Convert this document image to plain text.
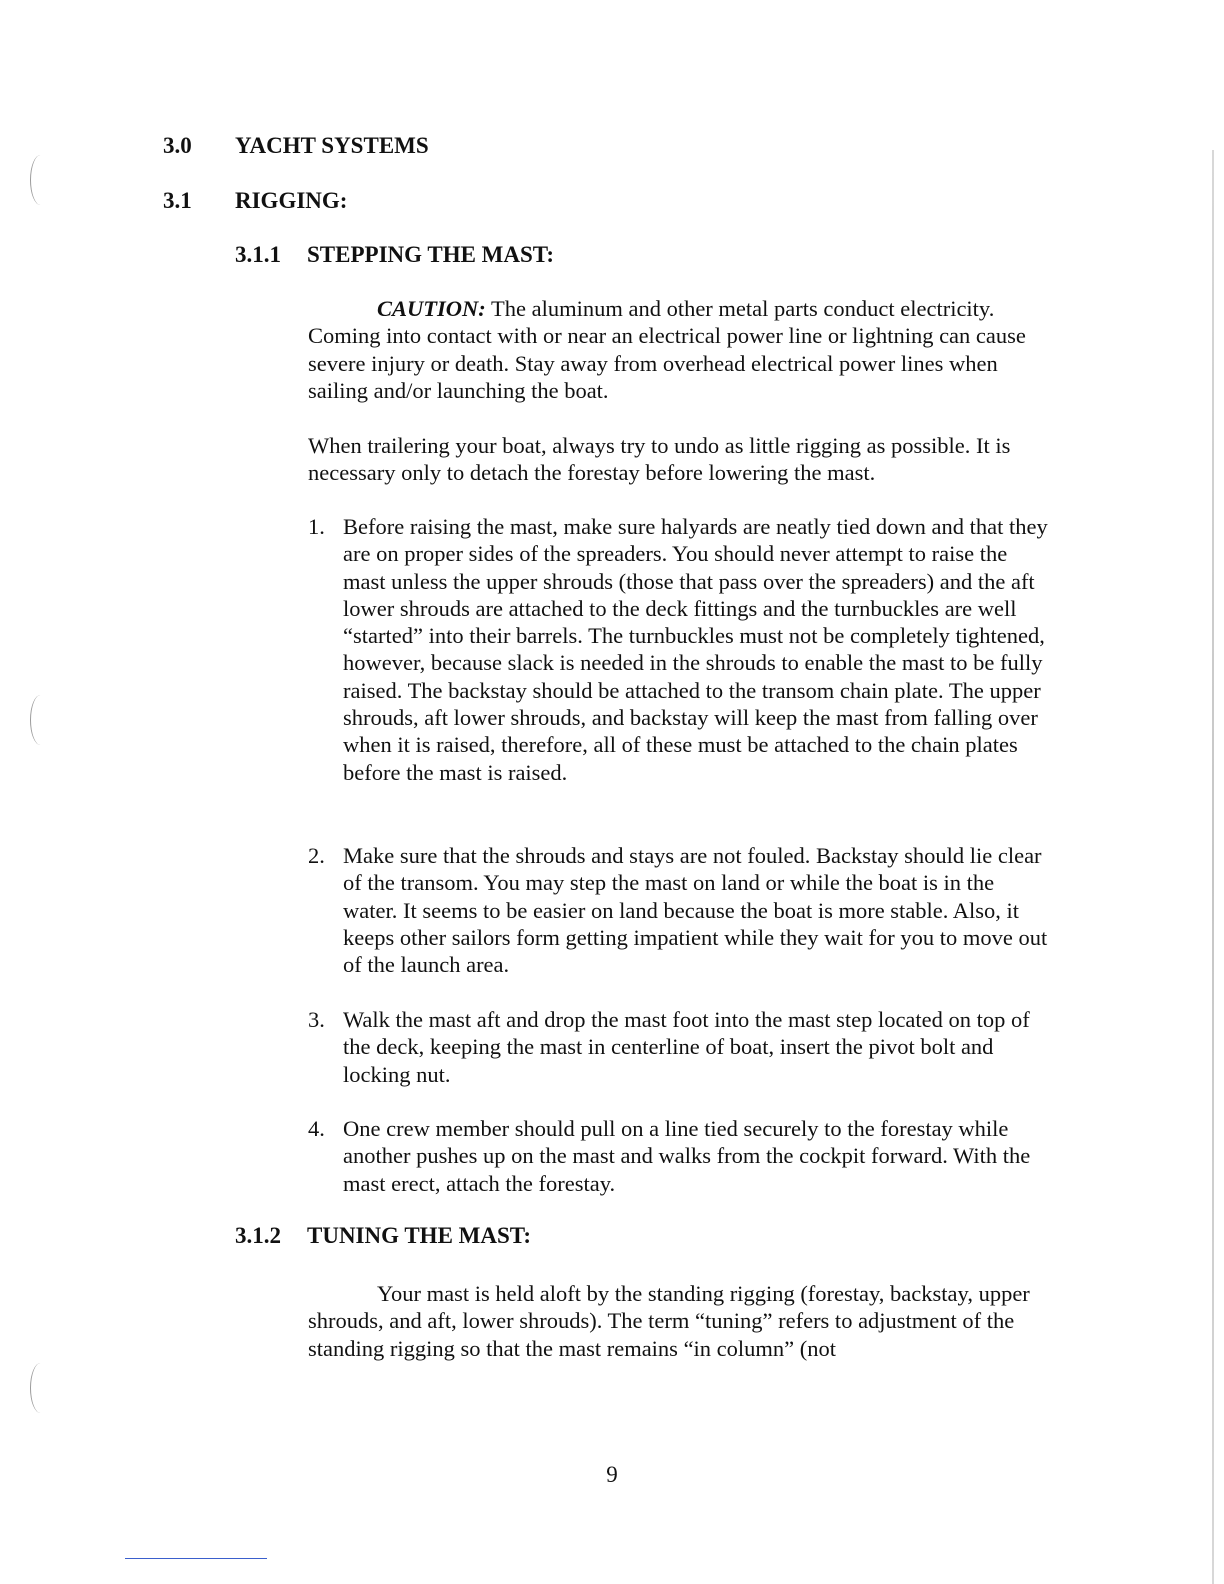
3.0 YACHT SYSTEMS
3.1 RIGGING:
3.1.1 STEPPING THE MAST:

CAUTION: The aluminum and other metal parts conduct electricity. Coming into contact with or near an electrical power line or lightning can cause severe injury or death. Stay away from overhead electrical power lines when sailing and/or launching the boat.

When trailering your boat, always try to undo as little rigging as possible. It is necessary only to detach the forestay before lowering the mast.

1. Before raising the mast, make sure halyards are neatly tied down and that they are on proper sides of the spreaders. You should never attempt to raise the mast unless the upper shrouds (those that pass over the spreaders) and the aft lower shrouds are attached to the deck fittings and the turnbuckles are well “started” into their barrels. The turnbuckles must not be completely tightened, however, because slack is needed in the shrouds to enable the mast to be fully raised. The backstay should be attached to the transom chain plate. The upper shrouds, aft lower shrouds, and backstay will keep the mast from falling over when it is raised, therefore, all of these must be attached to the chain plates before the mast is raised.
2. Make sure that the shrouds and stays are not fouled. Backstay should lie clear of the transom. You may step the mast on land or while the boat is in the water. It seems to be easier on land because the boat is more stable. Also, it keeps other sailors form getting impatient while they wait for you to move out of the launch area.
3. Walk the mast aft and drop the mast foot into the mast step located on top of the deck, keeping the mast in centerline of boat, insert the pivot bolt and locking nut.
4. One crew member should pull on a line tied securely to the forestay while another pushes up on the mast and walks from the cockpit forward. With the mast erect, attach the forestay.
3.1.2 TUNING THE MAST:

Your mast is held aloft by the standing rigging (forestay, backstay, upper shrouds, and aft, lower shrouds). The term “tuning” refers to adjustment of the standing rigging so that the mast remains “in column” (not

9
